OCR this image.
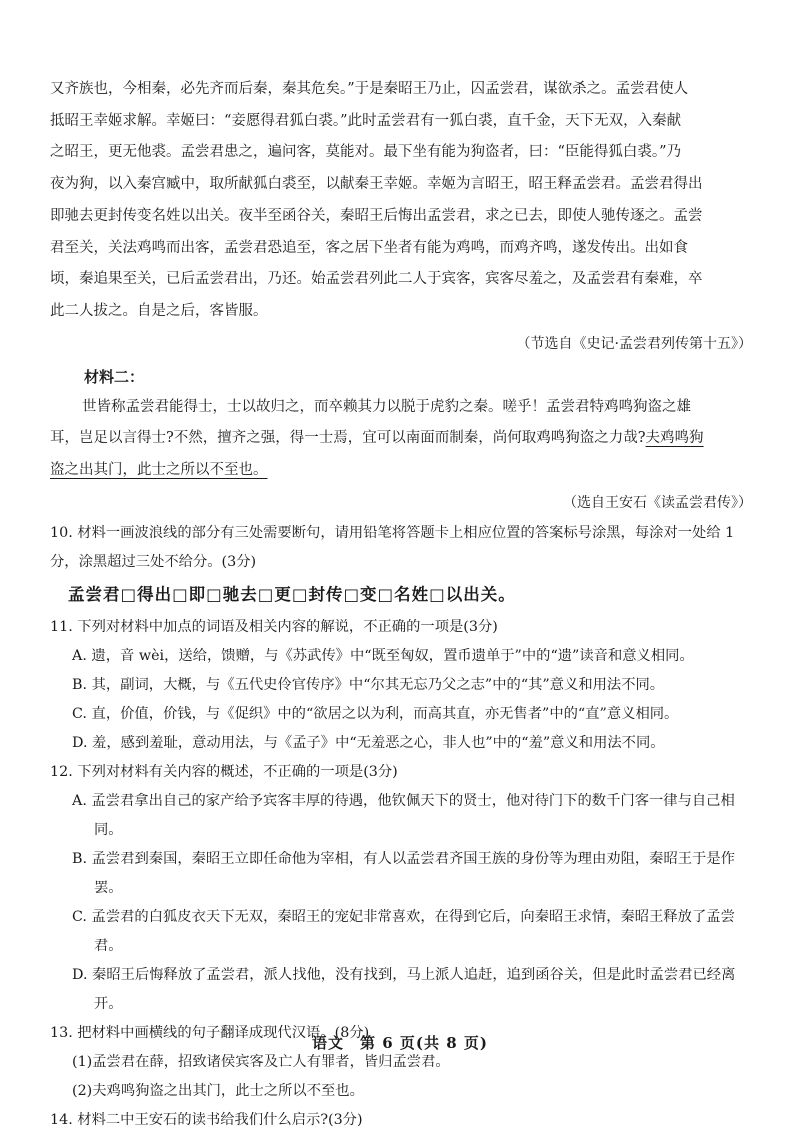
又齐族也，今相秦，必先齐而后秦，秦其危矣。”于是秦昭王乃止，囚孟尝君，谋欲杀之。孟尝君使人

抵昭王幸姬求解。幸姬曰：“妾愿得君狐白裘。”此时孟尝君有一狐白裘，直千金，天下无双，入秦献

之昭王，更无他裘。孟尝君患之，遍问客，莫能对。最下坐有能为狗盗者，曰：“臣能得狐白裘。”乃

夜为狗，以入秦宫臧中，取所献狐白裘至，以献秦王幸姬。幸姬为言昭王，昭王释孟尝君。孟尝君得出

即驰去更封传变名姓以出关。夜半至函谷关，秦昭王后悔出孟尝君，求之已去，即使人驰传逐之。孟尝

君至关，关法鸡鸣而出客，孟尝君恐追至，客之居下坐者有能为鸡鸣，而鸡齐鸣，遂发传出。出如食

顷，秦追果至关，已后孟尝君出，乃还。始孟尝君列此二人于宾客，宾客尽羞之，及孟尝君有秦难，卒

此二人拔之。自是之后，客皆服。

（节选自《史记·孟尝君列传第十五》）

材料二：

世皆称孟尝君能得士，士以故归之，而卒赖其力以脱于虎豹之秦。嗟乎！孟尝君特鸡鸣狗盗之雄

耳，岂足以言得士?不然，擅齐之强，得一士焉，宜可以南面而制秦，尚何取鸡鸣狗盗之力哉?夫鸡鸣狗

盗之出其门，此士之所以不至也。

（选自王安石《读孟尝君传》）

10. 材料一画波浪线的部分有三处需要断句，请用铅笔将答题卡上相应位置的答案标号涂黑，每涂对一处给 1

分，涂黑超过三处不给分。(3分)

孟尝君□得出□即□驰去□更□封传□变□名姓□以出关。

11. 下列对材料中加点的词语及相关内容的解说，不正确的一项是(3分)

A. 遗，音 wèi，送给，馈赠，与《苏武传》中“既至匈奴，置币遗单于”中的“遗”读音和意义相同。

B. 其，副词，大概，与《五代史伶官传序》中“尔其无忘乃父之志”中的“其”意义和用法不同。

C. 直，价值，价钱，与《促织》中的“欲居之以为利，而高其直，亦无售者”中的“直”意义相同。

D. 羞，感到羞耻，意动用法，与《孟子》中“无羞恶之心，非人也”中的“羞”意义和用法不同。

12. 下列对材料有关内容的概述，不正确的一项是(3分)

A. 孟尝君拿出自己的家产给予宾客丰厚的待遇，他钦佩天下的贤士，他对待门下的数千门客一律与自己相
同。

B. 孟尝君到秦国，秦昭王立即任命他为宰相，有人以孟尝君齐国王族的身份等为理由劝阻，秦昭王于是作
罢。

C. 孟尝君的白狐皮衣天下无双，秦昭王的宠妃非常喜欢，在得到它后，向秦昭王求情，秦昭王释放了孟尝
君。

D. 秦昭王后悔释放了孟尝君，派人找他，没有找到，马上派人追赶，追到函谷关，但是此时孟尝君已经离
开。

13. 把材料中画横线的句子翻译成现代汉语。(8分)

(1)孟尝君在薛，招致诸侯宾客及亡人有罪者，皆归孟尝君。

(2)夫鸡鸣狗盗之出其门，此士之所以不至也。

14. 材料二中王安石的读书给我们什么启示?(3分)

语文　第 6 页(共 8 页)
